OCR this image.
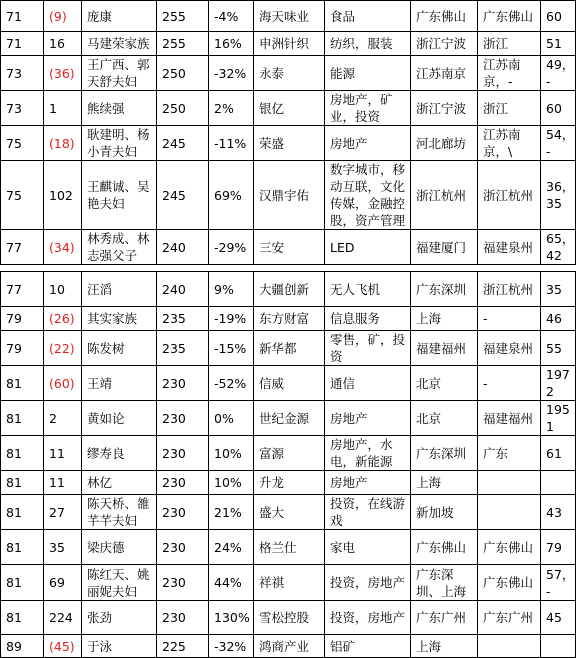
71	(9)	庞康	255	-4%	海天味业	食品	广东佛山	广东佛山	60
71	16	马建荣家族	255	16%	申洲针织	纺织，服装	浙江宁波	浙江	51
73	(36)	王广西、郭天舒夫妇	250	-32%	永泰	能源	江苏南京	江苏南京，-	49，-
73	1	熊续强	250	2%	银亿	房地产，矿业，投资	浙江宁波	浙江	60
75	(18)	耿建明、杨小青夫妇	245	-11%	荣盛	房地产	河北廊坊	江苏南京，\	54，-
75	102	王麒诚、吴艳夫妇	245	69%	汉鼎宇佑	数字城市，移动互联，文化传媒，金融控股，资产管理	浙江杭州	浙江杭州	36，35
77	(34)	林秀成、林志强父子	240	-29%	三安	LED	福建厦门	福建泉州	65，42

77	10	汪滔	240	9%	大疆创新	无人飞机	广东深圳	浙江杭州	35
79	(26)	其实家族	235	-19%	东方财富	信息服务	上海	-	46
79	(22)	陈发树	235	-15%	新华都	零售，矿，投资	福建福州	福建泉州	55
81	(60)	王靖	230	-52%	信威	通信	北京	-	1972
81	2	黄如论	230	0%	世纪金源	房地产	北京	福建福州	1951
81	11	缪寿良	230	10%	富源	房地产，水电，新能源	广东深圳	广东	61
81	11	林亿	230	10%	升龙	房地产	上海		
81	27	陈天桥、雒芊芊夫妇	230	21%	盛大	投资，在线游戏	新加坡		43
81	35	梁庆德	230	24%	格兰仕	家电	广东佛山	广东佛山	79
81	69	陈红天、姚丽妮夫妇	230	44%	祥祺	投资，房地产	广东深圳、上海	广东佛山	57，-
81	224	张劲	230	130%	雪松控股	投资，房地产	广东广州	广东广州	45
89	(45)	于泳	225	-32%	鸿商产业	铝矿	上海		
